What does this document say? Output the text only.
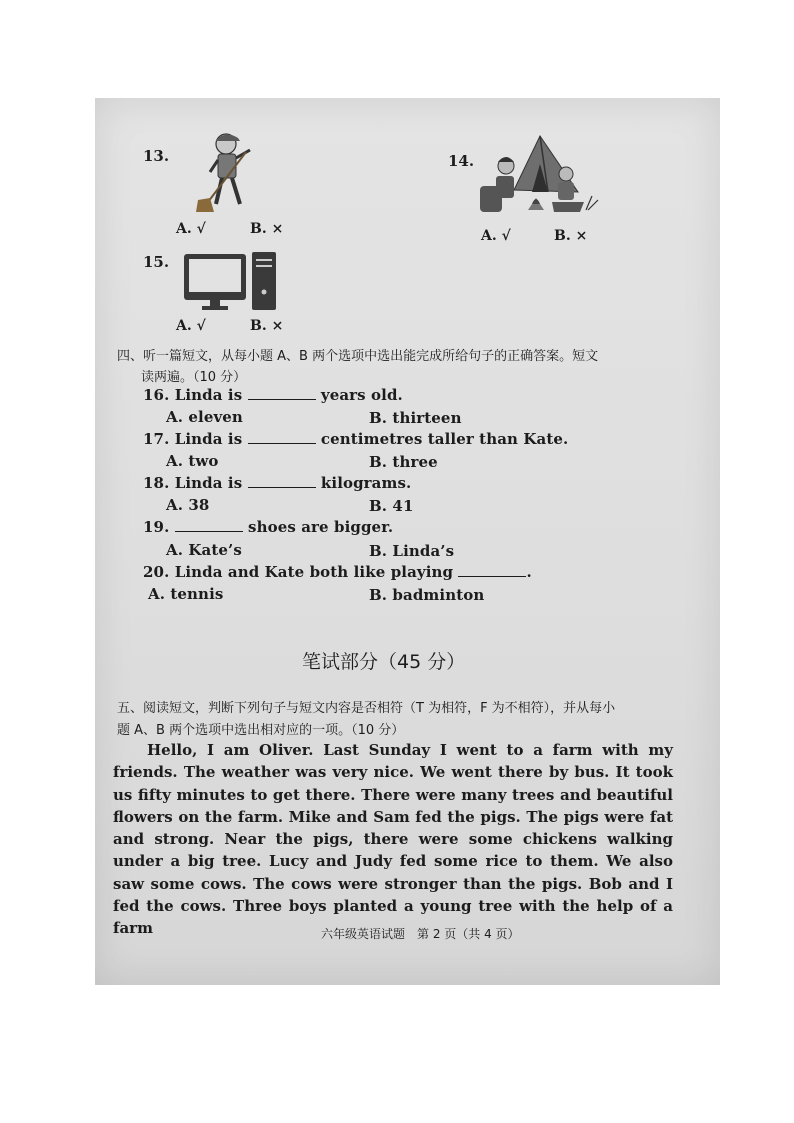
13.
A. √	B. ×
14.
A. √	B. ×
15.
A. √	B. ×
四、听一篇短文，从每小题 A、B 两个选项中选出能完成所给句子的正确答案。短文
读两遍。（10 分）
16. Linda is	years old.
A. eleven	B. thirteen
17. Linda is	centimetres taller than Kate.
A. two	B. three
18. Linda is	kilograms.
A. 38	B. 41
19.	shoes are bigger.
A. Kate’s	B. Linda’s
20. Linda and Kate both like playing	.
A. tennis	B. badminton
笔试部分（45 分）
五、阅读短文，判断下列句子与短文内容是否相符（T 为相符，F 为不相符），并从每小
题 A、B 两个选项中选出相对应的一项。（10 分）

Hello, I am Oliver. Last Sunday I went to a farm with my friends. The weather was very nice. We went there by bus. It took us fifty minutes to get there. There were many trees and beautiful flowers on the farm. Mike and Sam fed the pigs. The pigs were fat and strong. Near the pigs, there were some chickens walking under a big tree. Lucy and Judy fed some rice to them. We also saw some cows. The cows were stronger than the pigs. Bob and I fed the cows. Three boys planted a young tree with the help of a farm	六年级英语试题　第 2 页（共 4 页）
